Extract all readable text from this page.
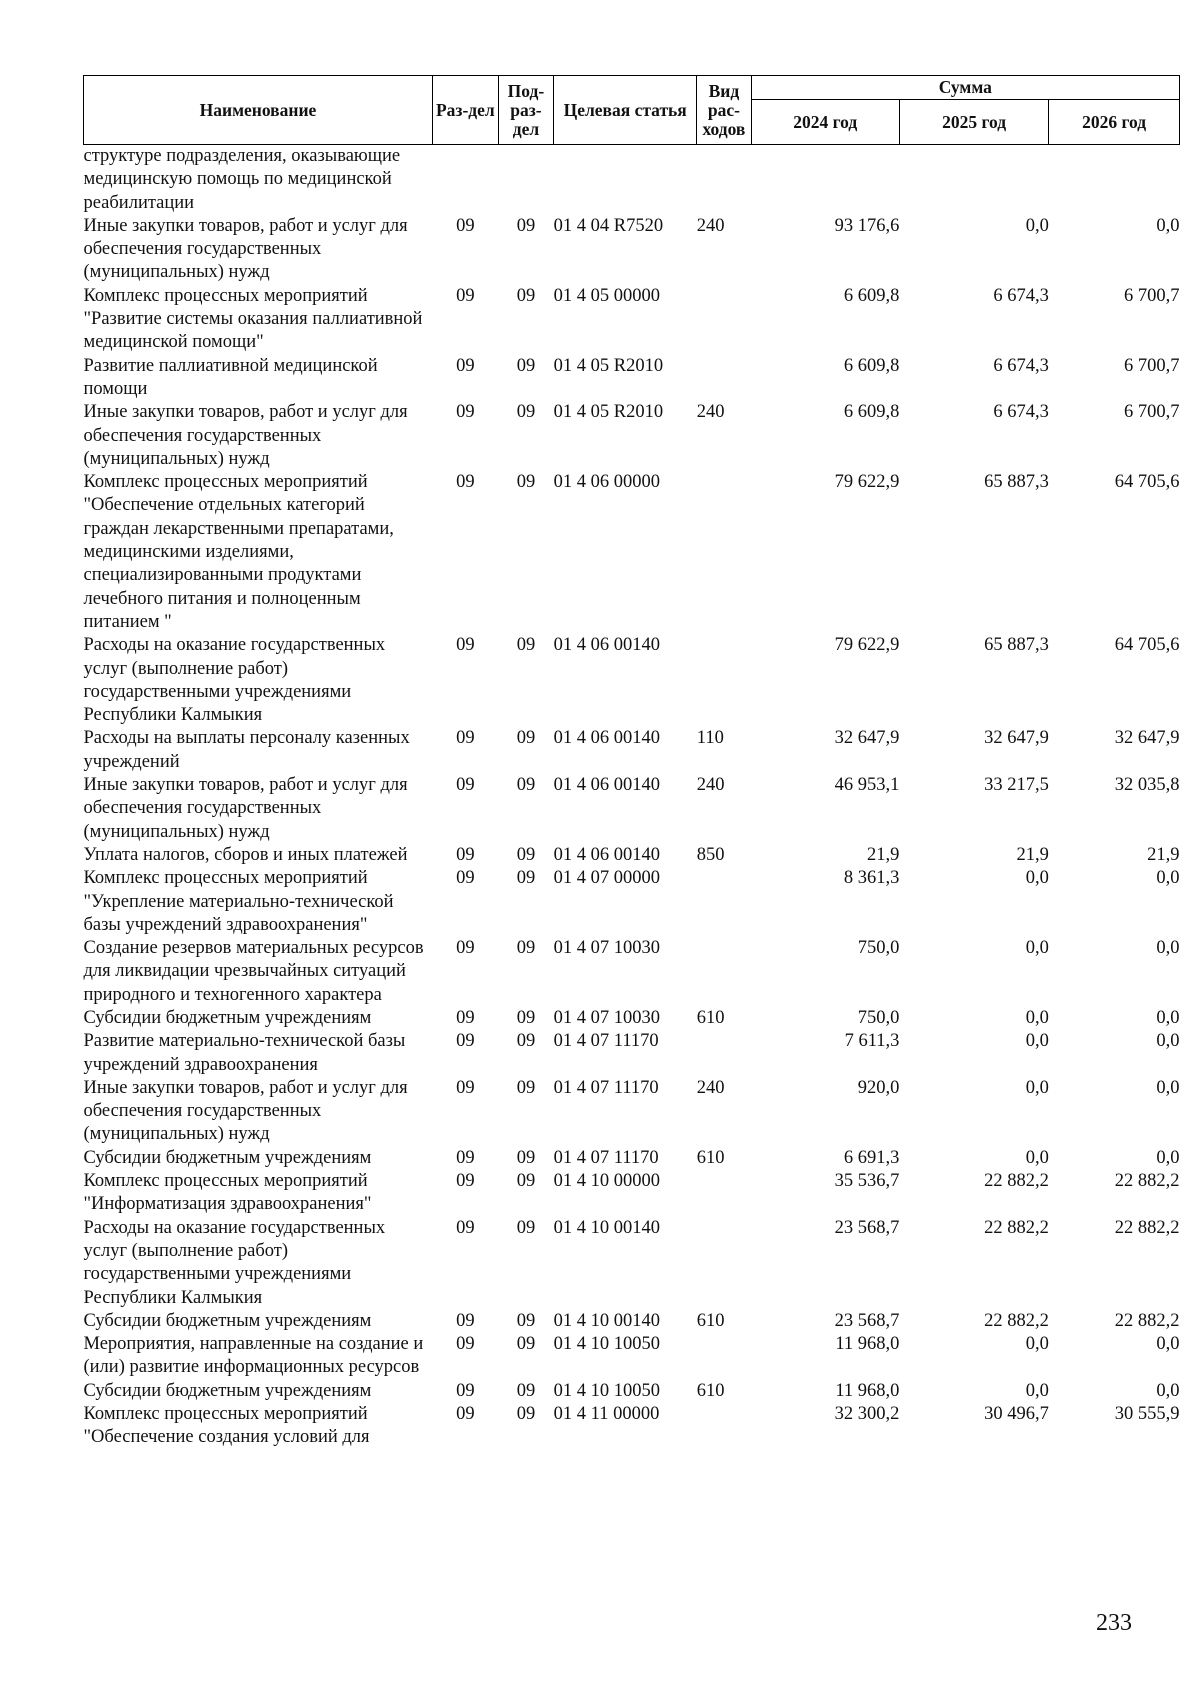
Наименование	Раз-дел	Под-раз-дел	Целевая статья	Вид рас-ходов	Сумма		
					2024 год	2025 год	2026 год
структуре подразделения, оказывающие медицинскую помощь по медицинской реабилитации							
Иные закупки товаров, работ и услуг для обеспечения государственных (муниципальных) нужд	09	09	01 4 04 R7520	240	93 176,6	0,0	0,0
Комплекс процессных мероприятий "Развитие системы оказания паллиативной медицинской помощи"	09	09	01 4 05 00000		6 609,8	6 674,3	6 700,7
Развитие паллиативной медицинской помощи	09	09	01 4 05 R2010		6 609,8	6 674,3	6 700,7
Иные закупки товаров, работ и услуг для обеспечения государственных (муниципальных) нужд	09	09	01 4 05 R2010	240	6 609,8	6 674,3	6 700,7
Комплекс процессных мероприятий "Обеспечение отдельных категорий граждан лекарственными препаратами, медицинскими изделиями, специализированными продуктами лечебного питания и полноценным питанием "	09	09	01 4 06 00000		79 622,9	65 887,3	64 705,6
Расходы на оказание государственных услуг (выполнение работ) государственными учреждениями Республики Калмыкия	09	09	01 4 06 00140		79 622,9	65 887,3	64 705,6
Расходы на выплаты персоналу казенных учреждений	09	09	01 4 06 00140	110	32 647,9	32 647,9	32 647,9
Иные закупки товаров, работ и услуг для обеспечения государственных (муниципальных) нужд	09	09	01 4 06 00140	240	46 953,1	33 217,5	32 035,8
Уплата налогов, сборов и иных платежей	09	09	01 4 06 00140	850	21,9	21,9	21,9
Комплекс процессных мероприятий "Укрепление материально-технической базы учреждений здравоохранения"	09	09	01 4 07 00000		8 361,3	0,0	0,0
Создание резервов материальных ресурсов для ликвидации чрезвычайных ситуаций природного и техногенного характера	09	09	01 4 07 10030		750,0	0,0	0,0
Субсидии бюджетным учреждениям	09	09	01 4 07 10030	610	750,0	0,0	0,0
Развитие материально-технической базы учреждений здравоохранения	09	09	01 4 07 11170		7 611,3	0,0	0,0
Иные закупки товаров, работ и услуг для обеспечения государственных (муниципальных) нужд	09	09	01 4 07 11170	240	920,0	0,0	0,0
Субсидии бюджетным учреждениям	09	09	01 4 07 11170	610	6 691,3	0,0	0,0
Комплекс процессных мероприятий "Информатизация здравоохранения"	09	09	01 4 10 00000		35 536,7	22 882,2	22 882,2
Расходы на оказание государственных услуг (выполнение работ) государственными учреждениями Республики Калмыкия	09	09	01 4 10 00140		23 568,7	22 882,2	22 882,2
Субсидии бюджетным учреждениям	09	09	01 4 10 00140	610	23 568,7	22 882,2	22 882,2
Мероприятия, направленные на создание и (или) развитие информационных ресурсов	09	09	01 4 10 10050		11 968,0	0,0	0,0
Субсидии бюджетным учреждениям	09	09	01 4 10 10050	610	11 968,0	0,0	0,0
Комплекс процессных мероприятий "Обеспечение создания условий для	09	09	01 4 11 00000		32 300,2	30 496,7	30 555,9
233
